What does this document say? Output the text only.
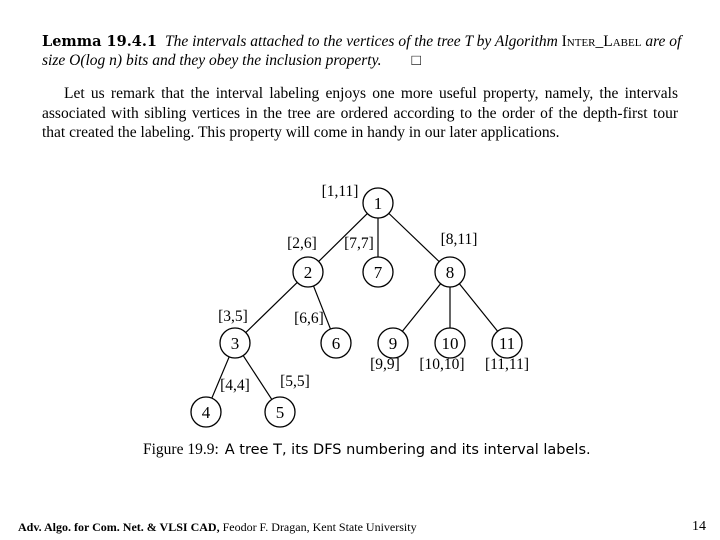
Lemma 19.4.1 The intervals attached to the vertices of the tree T by Algorithm Inter_Label are of size O(log n) bits and they obey the inclusion property. □
Let us remark that the interval labeling enjoys one more useful property, namely, the intervals associated with sibling vertices in the tree are ordered according to the order of the depth-first tour that created the labeling. This property will come in handy in our later applications.
1
2	7	8
3	6	9	10 11
4	5
[1,11]
[2,6] [7,7]	[8,11]
[3,5]	[6,6]
[9,9] [10,10] [11,11]
[4,4] [5,5]
Figure 19.9: A tree T, its DFS numbering and its interval labels.
Adv. Algo. for Com. Net. & VLSI CAD, Feodor F. Dragan, Kent State University	14
